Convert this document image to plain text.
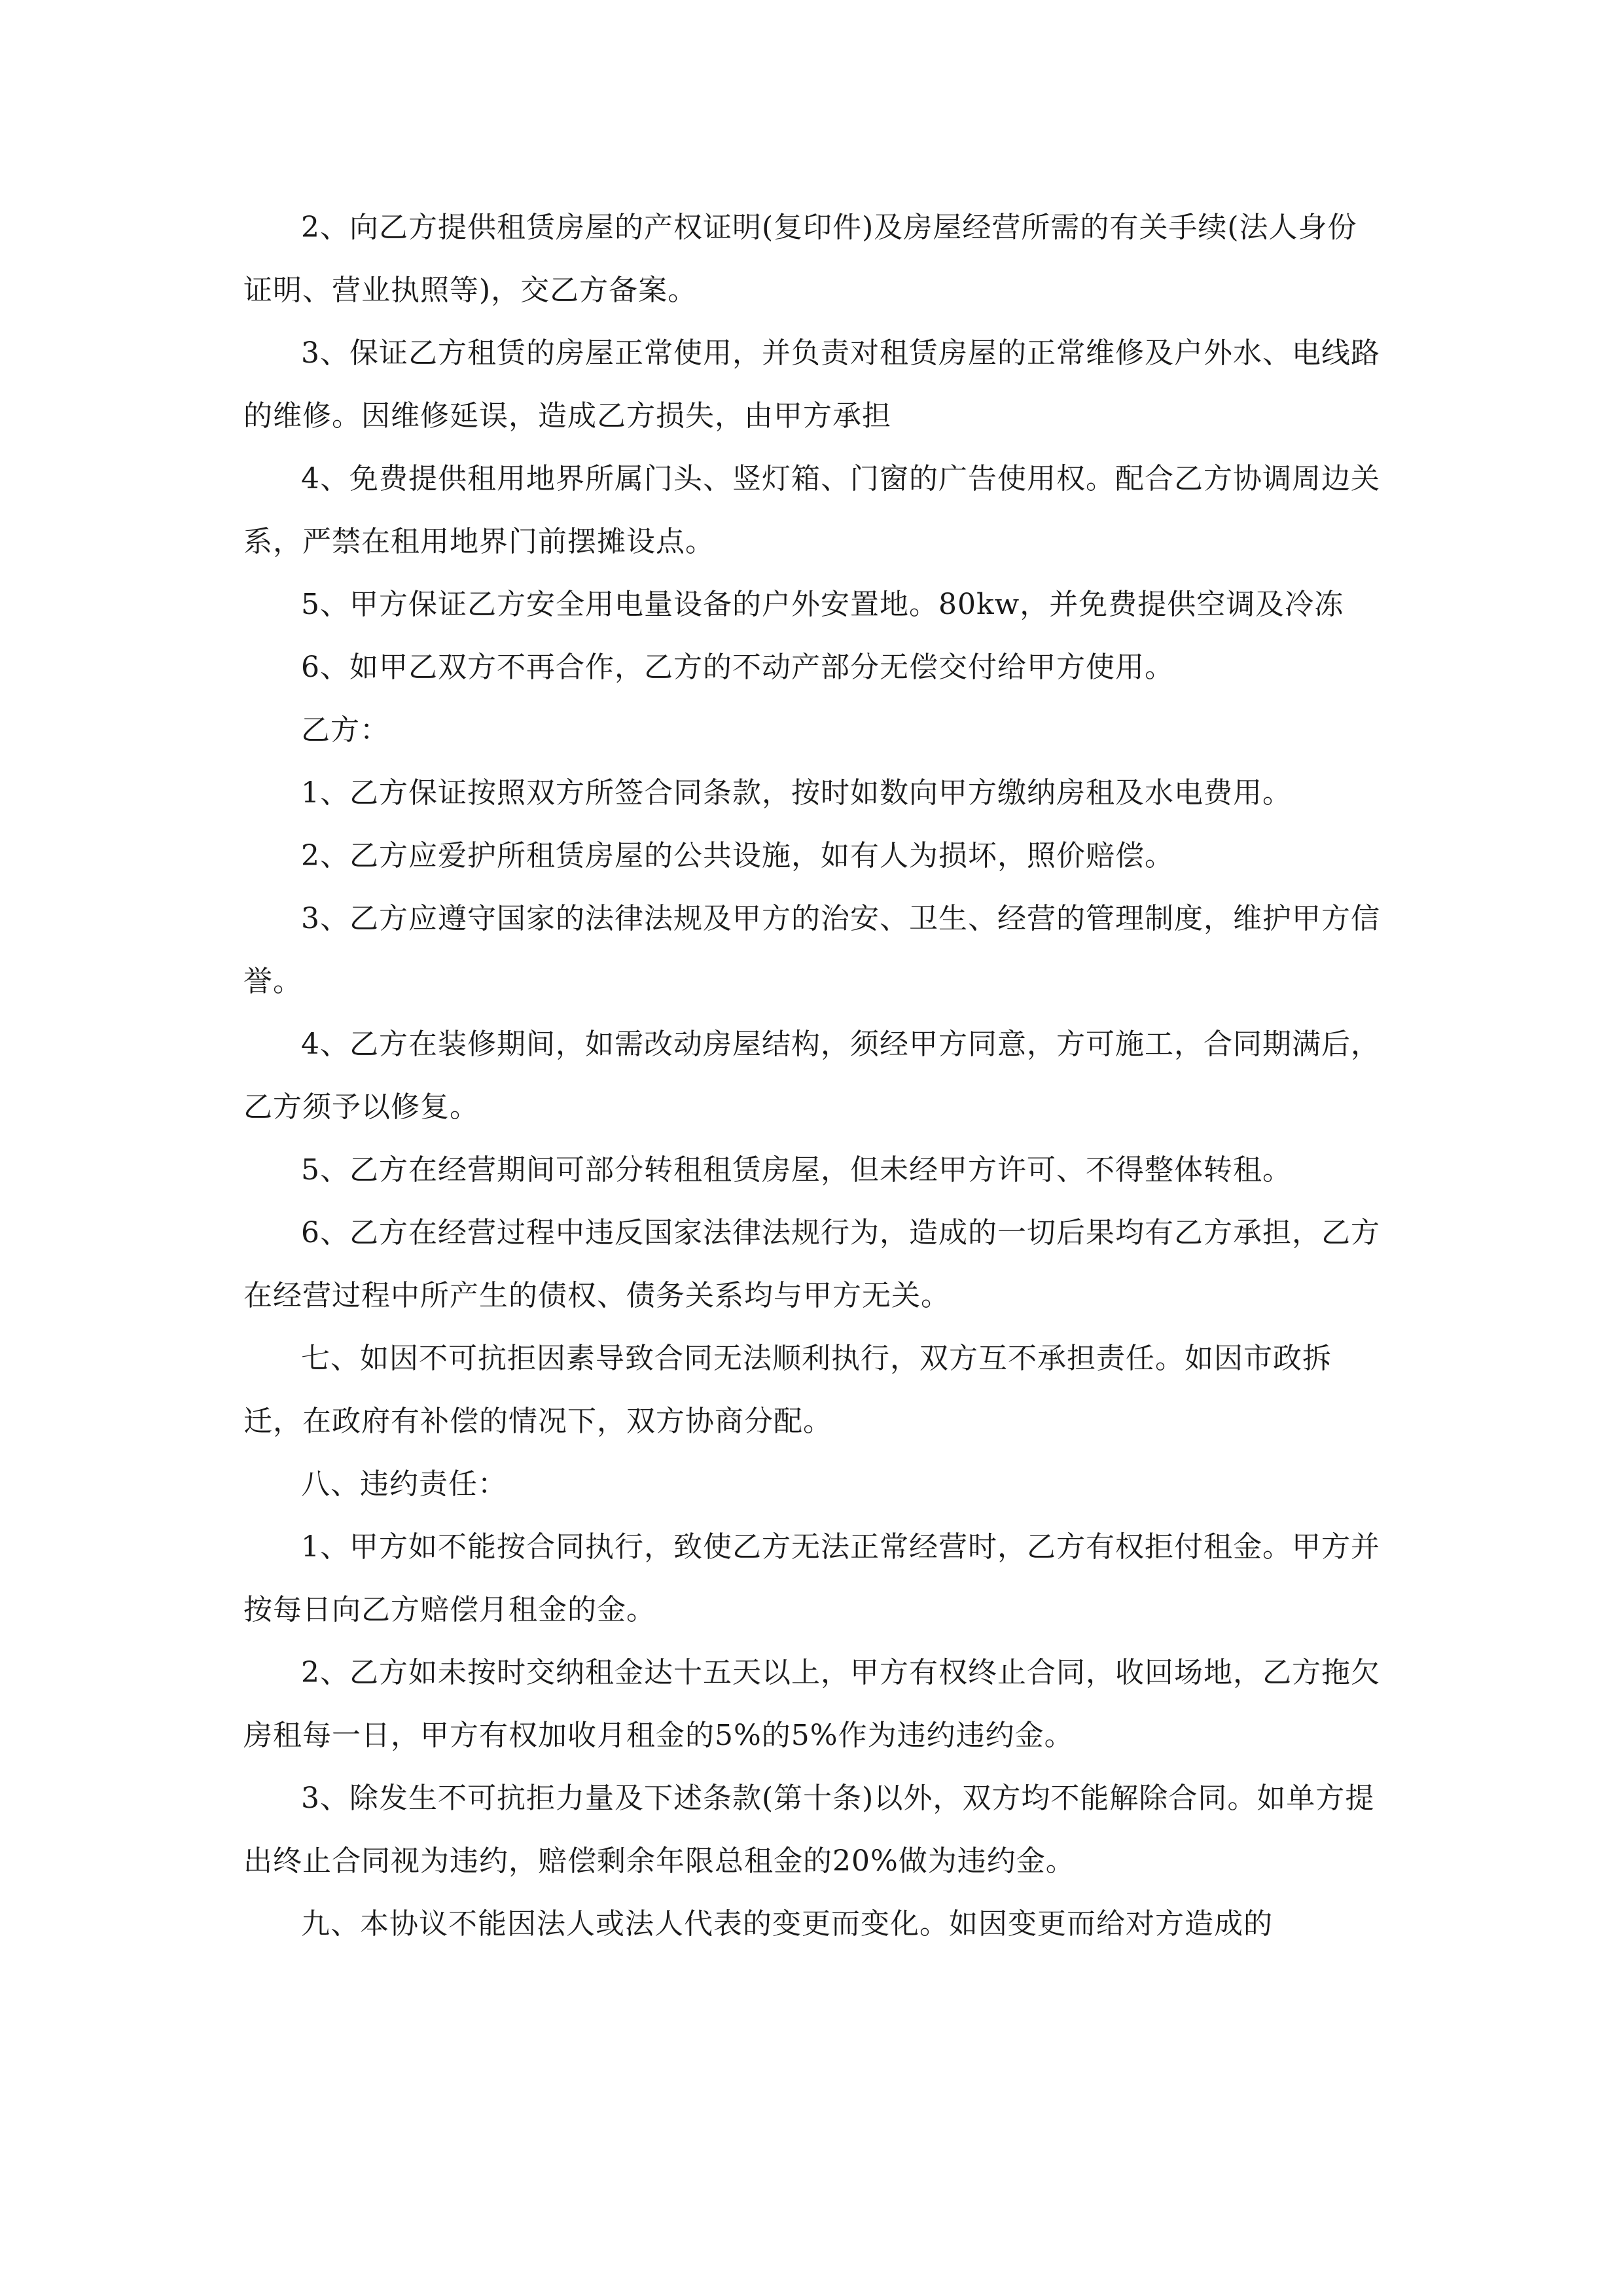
2、向乙方提供租赁房屋的产权证明(复印件)及房屋经营所需的有关手续(法人身份证明、营业执照等)，交乙方备案。

3、保证乙方租赁的房屋正常使用，并负责对租赁房屋的正常维修及户外水、电线路的维修。因维修延误，造成乙方损失，由甲方承担

4、免费提供租用地界所属门头、竖灯箱、门窗的广告使用权。配合乙方协调周边关系，严禁在租用地界门前摆摊设点。

5、甲方保证乙方安全用电量设备的户外安置地。80kw，并免费提供空调及冷冻

6、如甲乙双方不再合作，乙方的不动产部分无偿交付给甲方使用。

乙方：

1、乙方保证按照双方所签合同条款，按时如数向甲方缴纳房租及水电费用。

2、乙方应爱护所租赁房屋的公共设施，如有人为损坏，照价赔偿。

3、乙方应遵守国家的法律法规及甲方的治安、卫生、经营的管理制度，维护甲方信誉。

4、乙方在装修期间，如需改动房屋结构，须经甲方同意，方可施工，合同期满后，乙方须予以修复。

5、乙方在经营期间可部分转租租赁房屋，但未经甲方许可、不得整体转租。

6、乙方在经营过程中违反国家法律法规行为，造成的一切后果均有乙方承担，乙方在经营过程中所产生的债权、债务关系均与甲方无关。

七、如因不可抗拒因素导致合同无法顺利执行，双方互不承担责任。如因市政拆迁，在政府有补偿的情况下，双方协商分配。

八、违约责任：

1、甲方如不能按合同执行，致使乙方无法正常经营时，乙方有权拒付租金。甲方并按每日向乙方赔偿月租金的金。

2、乙方如未按时交纳租金达十五天以上，甲方有权终止合同，收回场地，乙方拖欠房租每一日，甲方有权加收月租金的5%的5%作为违约违约金。

3、除发生不可抗拒力量及下述条款(第十条)以外，双方均不能解除合同。如单方提出终止合同视为违约，赔偿剩余年限总租金的20%做为违约金。

九、本协议不能因法人或法人代表的变更而变化。如因变更而给对方造成的
